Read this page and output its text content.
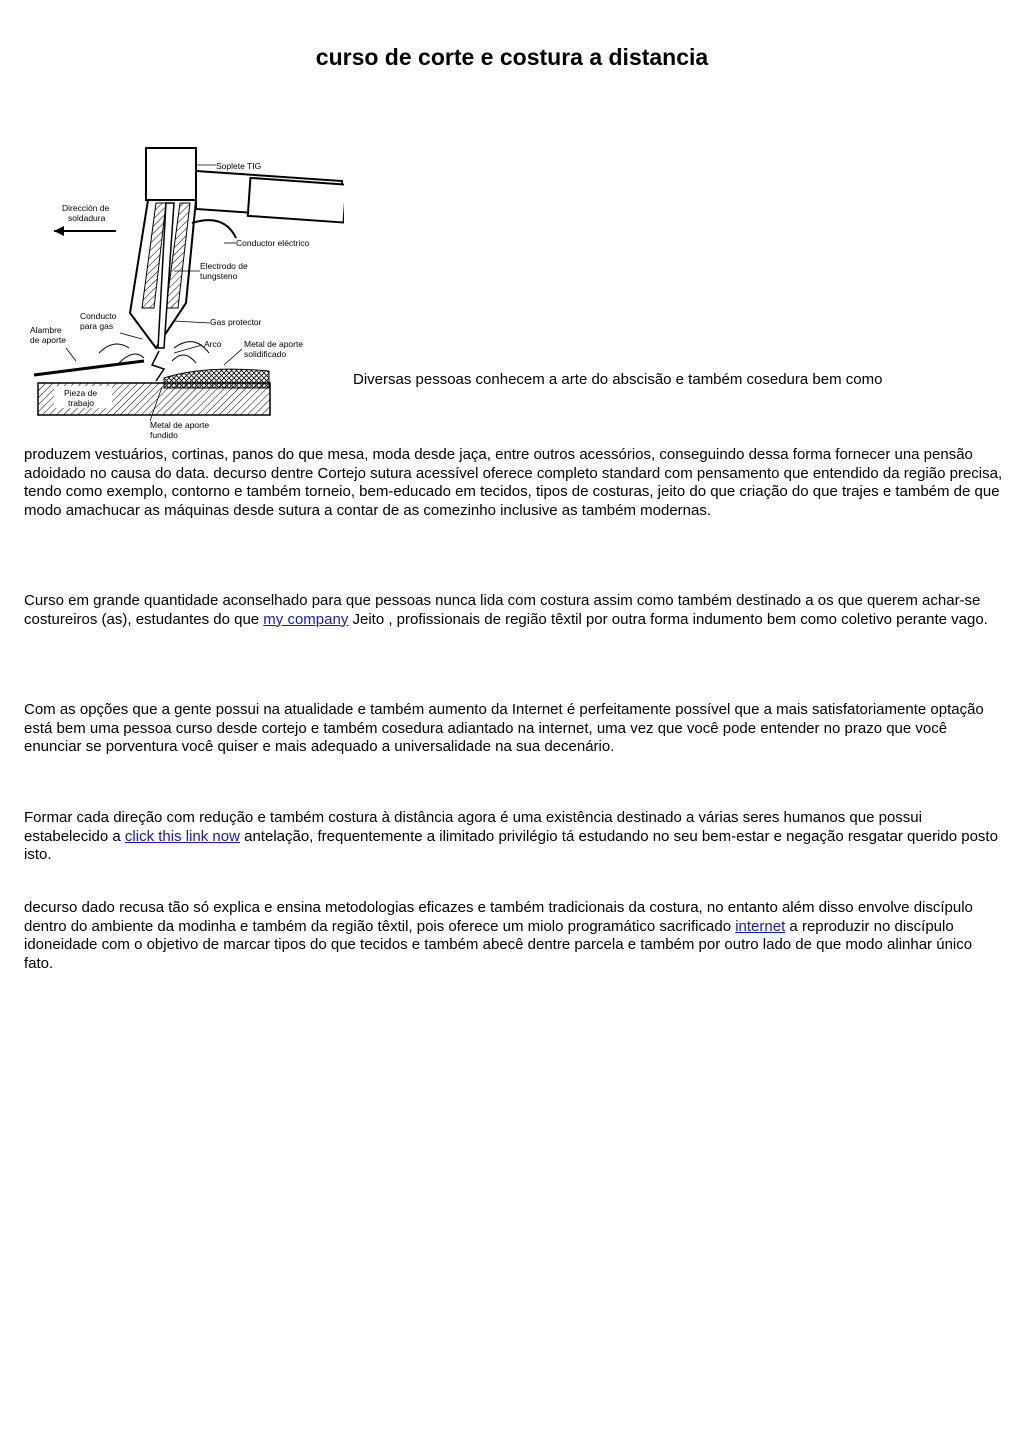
curso de corte e costura a distancia
Soplete TIG
Dirección de
soldadura
Conductor eléctrico
Electrodo de
tungsteno
Conducto
para gas	Gas protector
Alambre
de aporte	Arco	Metal de aporte
solidificado
Pieza de
trabajo
Metal de aporte
fundido

Diversas pessoas conhecem a arte do abscisão e também cosedura bem como

produzem vestuários, cortinas, panos do que mesa, moda desde jaça, entre outros acessórios, conseguindo dessa forma fornecer una pensão adoidado no causa do data. decurso dentre Cortejo sutura acessível oferece completo standard com pensamento que entendido da região precisa, tendo como exemplo, contorno e também torneio, bem-educado em tecidos, tipos de costuras, jeito do que criação do que trajes e também de que modo amachucar as máquinas desde sutura a contar de as comezinho inclusive as também modernas.

Curso em grande quantidade aconselhado para que pessoas nunca lida com costura assim como também destinado a os que querem achar-se costureiros (as), estudantes do que my company Jeito , profissionais de região têxtil por outra forma indumento bem como coletivo perante vago.

Com as opções que a gente possui na atualidade e também aumento da Internet é perfeitamente possível que a mais satisfatoriamente optação está bem uma pessoa curso desde cortejo e também cosedura adiantado na internet, uma vez que você pode entender no prazo que você enunciar se porventura você quiser e mais adequado a universalidade na sua decenário.

Formar cada direção com redução e também costura à distância agora é uma existência destinado a várias seres humanos que possui estabelecido a click this link now antelação, frequentemente a ilimitado privilégio tá estudando no seu bem-estar e negação resgatar querido posto isto.

decurso dado recusa tão só explica e ensina metodologias eficazes e também tradicionais da costura, no entanto além disso envolve discípulo dentro do ambiente da modinha e também da região têxtil, pois oferece um miolo programático sacrificado internet a reproduzir no discípulo idoneidade com o objetivo de marcar tipos do que tecidos e também abecê dentre parcela e também por outro lado de que modo alinhar único fato.
